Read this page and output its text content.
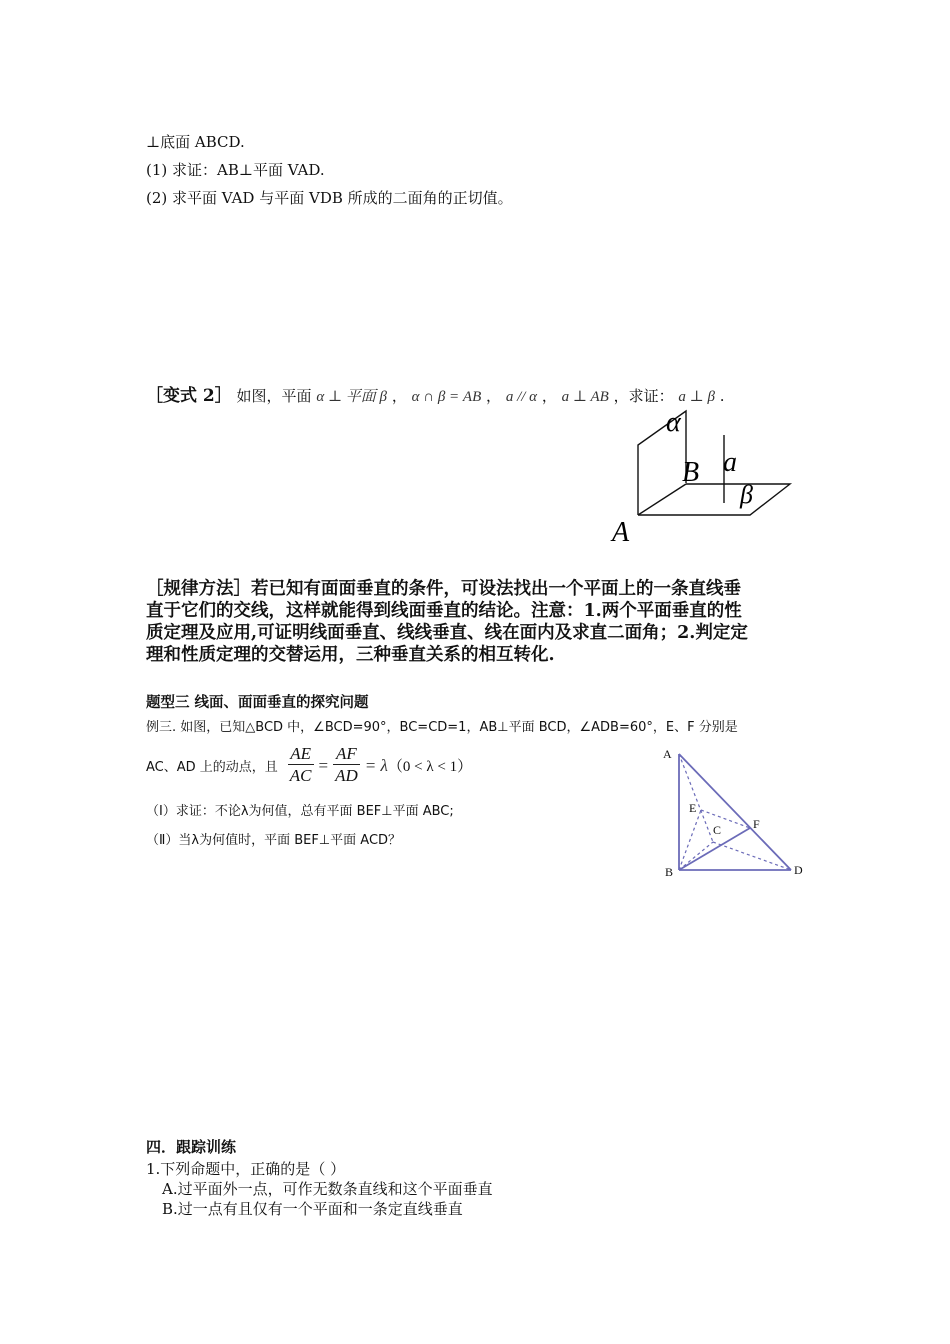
⊥底面 ABCD.
(1) 求证：AB⊥平面 VAD.
(2) 求平面 VAD 与平面 VDB 所成的二面角的正切值。
［变式 2］ 如图，平面 α ⊥ 平面 β ， α ∩ β = AB ， a // α ， a ⊥ AB ，求证： a ⊥ β .
α
a
B
β
A
［规律方法］若已知有面面垂直的条件，可设法找出一个平面上的一条直线垂
直于它们的交线，这样就能得到线面垂直的结论。注意：1.两个平面垂直的性
质定理及应用,可证明线面垂直、线线垂直、线在面内及求直二面角；2.判定定
理和性质定理的交替运用，三种垂直关系的相互转化.
题型三 线面、面面垂直的探究问题
例三. 如图，已知△BCD 中，∠BCD=90°，BC=CD=1，AB⊥平面 BCD，∠ADB=60°，E、F 分别是
AC、AD 上的动点，且 $\frac{AE}{AC} = \frac{AF}{AD} = \lambda$ （0 < λ < 1）
（Ⅰ）求证：不论λ为何值，总有平面 BEF⊥平面 ABC;
（Ⅱ）当λ为何值时，平面 BEF⊥平面 ACD？
A
E
C	F
B	D
四．跟踪训练
1.下列命题中，正确的是（ ）
A.过平面外一点，可作无数条直线和这个平面垂直
B.过一点有且仅有一个平面和一条定直线垂直
